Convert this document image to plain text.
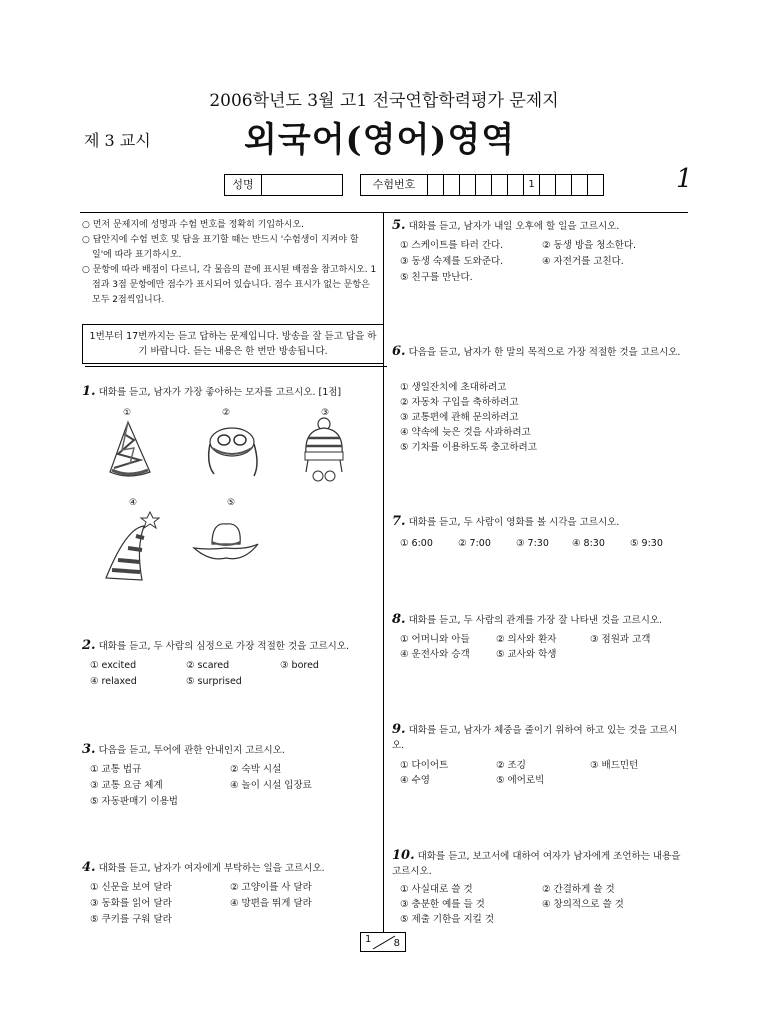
2006학년도 3월 고1 전국연합학력평가 문제지
제 3 교시	외국어(영어)영역
성명	수험번호	1	1
○ 먼저 문제지에 성명과 수험 번호를 정확히 기입하시오.
○ 답안지에 수험 번호 및 답을 표기할 때는 반드시 '수험생이 지켜야 할 일'에 따라 표기하시오.
○ 문항에 따라 배점이 다르니, 각 물음의 끝에 표시된 배점을 참고하시오. 1점과 3점 문항에만 점수가 표시되어 있습니다. 점수 표시가 없는 문항은 모두 2점씩입니다.
1번부터 17번까지는 듣고 답하는 문제입니다. 방송을 잘 듣고 답을 하기 바랍니다. 듣는 내용은 한 번만 방송됩니다.
1. 대화를 듣고, 남자가 가장 좋아하는 모자를 고르시오. [1점]
①	②	③
④	⑤
2. 대화를 듣고, 두 사람의 심정으로 가장 적절한 것을 고르시오.
① excited	② scared	③ bored
④ relaxed	⑤ surprised
3. 다음을 듣고, 투어에 관한 안내인지 고르시오.
① 교통 법규	② 숙박 시설
③ 교통 요금 체계	④ 놀이 시설 입장료
⑤ 자동판매기 이용법
4. 대화를 듣고, 남자가 여자에게 부탁하는 일을 고르시오.
① 신문을 보여 달라	② 고양이를 사 달라
③ 동화를 읽어 달라	④ 망편을 뛰게 달라
⑤ 쿠키를 구워 달라
5. 대화를 듣고, 남자가 내일 오후에 할 일을 고르시오.
① 스케이트를 타러 간다.	② 동생 방을 청소한다.
③ 동생 숙제를 도와준다.	④ 자전거를 고친다.
⑤ 친구를 만난다.
6. 다음을 듣고, 남자가 한 말의 목적으로 가장 적절한 것을 고르시오.
① 생일잔치에 초대하려고
② 자동차 구입을 축하하려고
③ 교통편에 관해 문의하려고
④ 약속에 늦은 것을 사과하려고
⑤ 기차를 이용하도록 충고하려고
7. 대화를 듣고, 두 사람이 영화를 볼 시각을 고르시오.
① 6:00	② 7:00	③ 7:30 ④ 8:30	⑤ 9:30
8. 대화를 듣고, 두 사람의 관계를 가장 잘 나타낸 것을 고르시오.
① 어머니와 아들	② 의사와 환자	③ 점원과 고객
④ 운전사와 승객	⑤ 교사와 학생
9. 대화를 듣고, 남자가 체중을 줄이기 위하여 하고 있는 것을 고르시오.
① 다이어트	② 조깅	③ 배드민턴
④ 수영	⑤ 에어로빅
10. 대화를 듣고, 보고서에 대하여 여자가 남자에게 조언하는 내용을 고르시오.
① 사실대로 쓸 것	② 간결하게 쓸 것
③ 충분한 예를 들 것	④ 창의적으로 쓸 것
⑤ 제출 기한을 지킬 것
1 8
